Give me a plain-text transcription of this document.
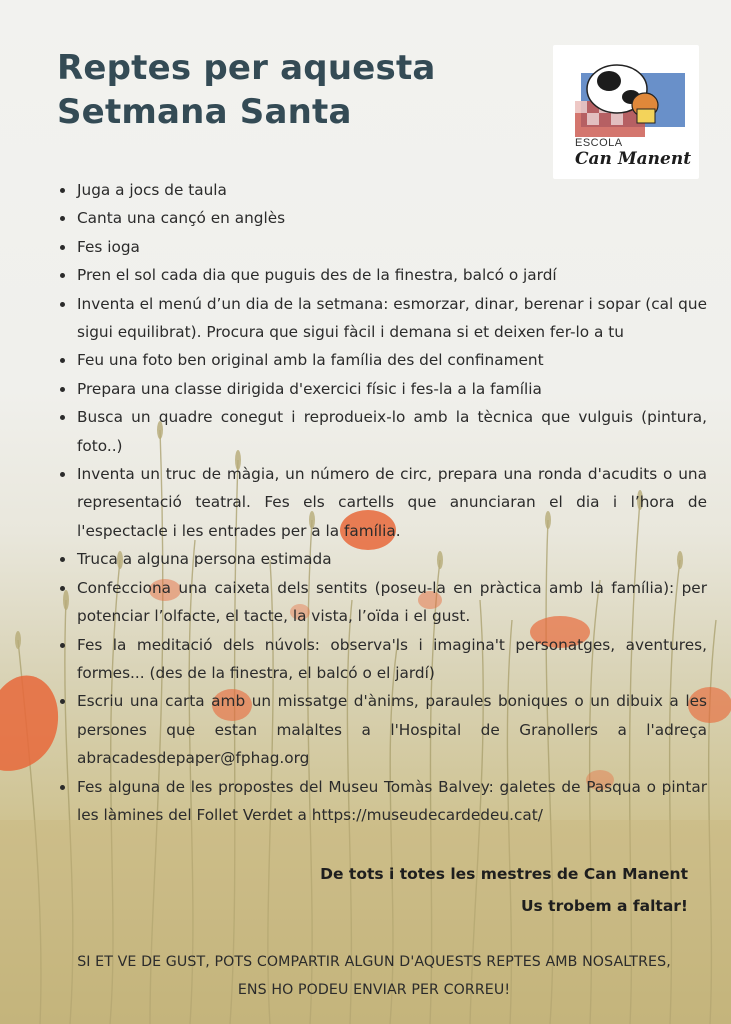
Reptes per aquesta
Setmana Santa
ESCOLA
Can Manent
Juga a jocs de taula
Canta una cançó en anglès
Fes ioga
Pren el sol cada dia que puguis des de la finestra, balcó o jardí
Inventa el menú d’un dia de la setmana: esmorzar, dinar, berenar i sopar (cal que sigui equilibrat). Procura que sigui fàcil i demana si et deixen fer-lo a tu
Feu una foto ben original amb la família des del confinament
Prepara una classe dirigida d'exercici físic i fes-la a la família
Busca un quadre conegut i reprodueix-lo amb la tècnica que vulguis (pintura, foto..)
Inventa un truc de màgia, un número de circ, prepara una ronda d'acudits o una representació teatral. Fes els cartells que anunciaran el dia i l’hora de l'espectacle i les entrades per a la família.
Truca a alguna persona estimada
Confecciona una caixeta dels sentits (poseu-la en pràctica amb la família): per potenciar l’olfacte, el tacte, la vista, l’oïda i el gust.
Fes la meditació dels núvols: observa'ls i imagina't personatges, aventures, formes... (des de la finestra, el balcó o el jardí)
Escriu una carta amb un missatge d'ànims, paraules boniques o un dibuix a les persones que estan malaltes a l'Hospital de Granollers a l'adreça abracadesdepaper@fphag.org
Fes alguna de les propostes del Museu Tomàs Balvey: galetes de Pasqua o pintar les làmines del Follet Verdet a https://museudecardedeu.cat/
De tots i totes les mestres de Can Manent
Us trobem a faltar!
SI ET VE DE GUST, POTS COMPARTIR ALGUN D'AQUESTS REPTES AMB NOSALTRES,
ENS HO PODEU ENVIAR PER CORREU!
